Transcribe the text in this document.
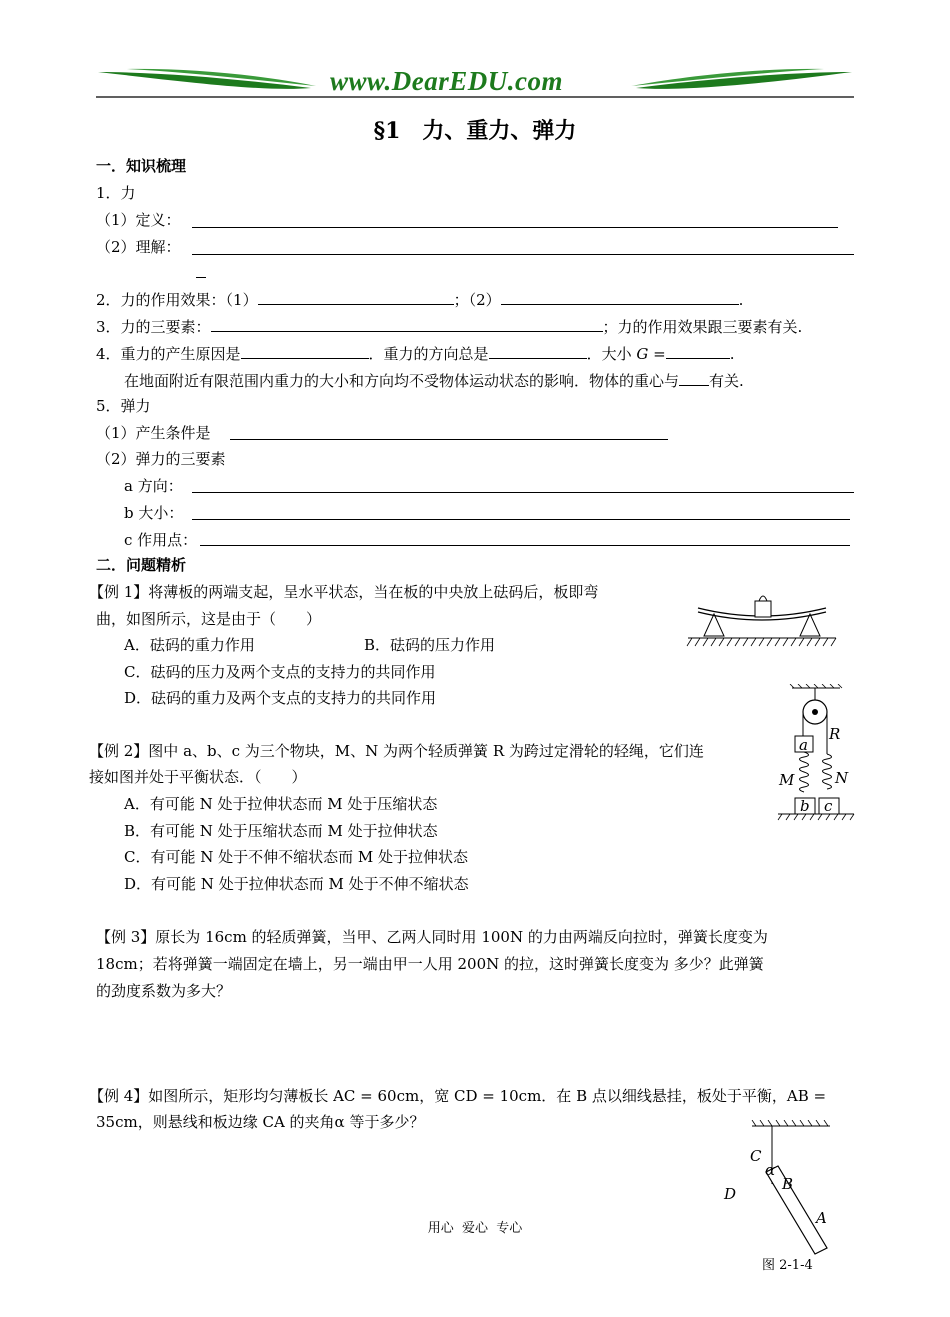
www.DearEDU.com
§1　力、重力、弹力
一．知识梳理
1．力
（1）定义：
（2）理解：
2．力的作用效果：（1）	；（2）	.
3．力的三要素：	；力的作用效果跟三要素有关.
4．重力的产生原因是	．重力的方向总是	．大小 G =	.
在地面附近有限范围内重力的大小和方向均不受物体运动状态的影响．物体的重心与 有关.
5．弹力
（1）产生条件是
（2）弹力的三要素
a 方向：
b 大小：
c 作用点：
二．问题精析
【例 1】将薄板的两端支起，呈水平状态，当在板的中央放上砝码后，板即弯
曲，如图所示，这是由于（　　）
A．砝码的重力作用	B．砝码的压力作用
C．砝码的压力及两个支点的支持力的共同作用
D．砝码的重力及两个支点的支持力的共同作用
【例 2】图中 a、b、c 为三个物块，M、N 为两个轻质弹簧 R 为跨过定滑轮的轻绳，它们连
接如图并处于平衡状态．（　　）
A．有可能 N 处于拉伸状态而 M 处于压缩状态
B．有可能 N 处于压缩状态而 M 处于拉伸状态
C．有可能 N 处于不伸不缩状态而 M 处于拉伸状态
D．有可能 N 处于拉伸状态而 M 处于不伸不缩状态
a
R
M	N
b c
【例 3】原长为 16cm 的轻质弹簧，当甲、乙两人同时用 100N 的力由两端反向拉时，弹簧长度变为
18cm；若将弹簧一端固定在墙上，另一端由甲一人用 200N 的拉，这时弹簧长度变为 多少？此弹簧
的劲度系数为多大？
【例 4】如图所示，矩形均匀薄板长 AC = 60cm，宽 CD = 10cm．在 B 点以细线悬挂，板处于平衡，AB =
35cm，则悬线和板边缘 CA 的夹角α 等于多少？
C
α
B
D
A
图 2-1-4
用心  爱心  专心
